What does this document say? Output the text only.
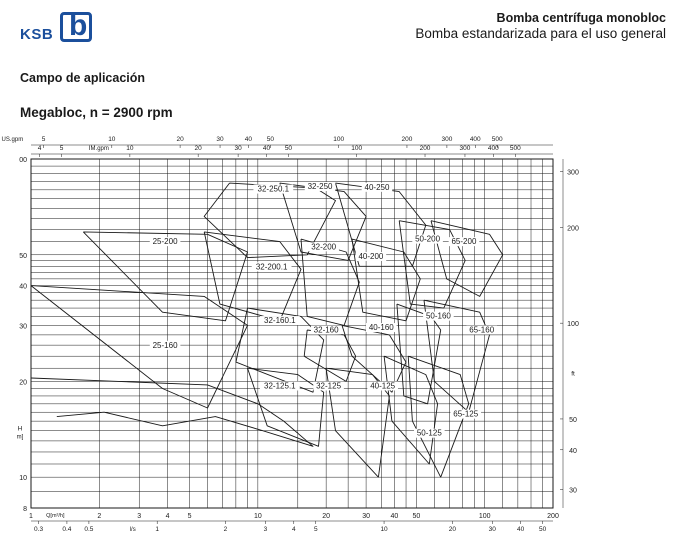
KSB b	Bomba centrífuga monobloc
Bomba estandarizada para el uso general
Campo de aplicación
Megabloc, n = 2900 rpm
1	2	3	4	5	10	20	30	40 50	100	200
Q[m³/h]
0.3	0.4 0.5	1	2	3	4	5	10	20	30	40 50
l/s
5	10	20	30	40 50	100	200	300	400 500
US.gpm
4	5	10	20	30	40 50	100	200	300	400 500
IM.gpm
8
10
20
30
40
50
00
H
m]
30
40
50
100
200
300
ft
32-250.1 32-250	40-250
25-200
32-200.1
32-200
40-200
50-200 65-200
25-160
32-160.1
32-160	40-160
50-160
65-160
32-125.1	32-125	40-125
50-125
65-125
